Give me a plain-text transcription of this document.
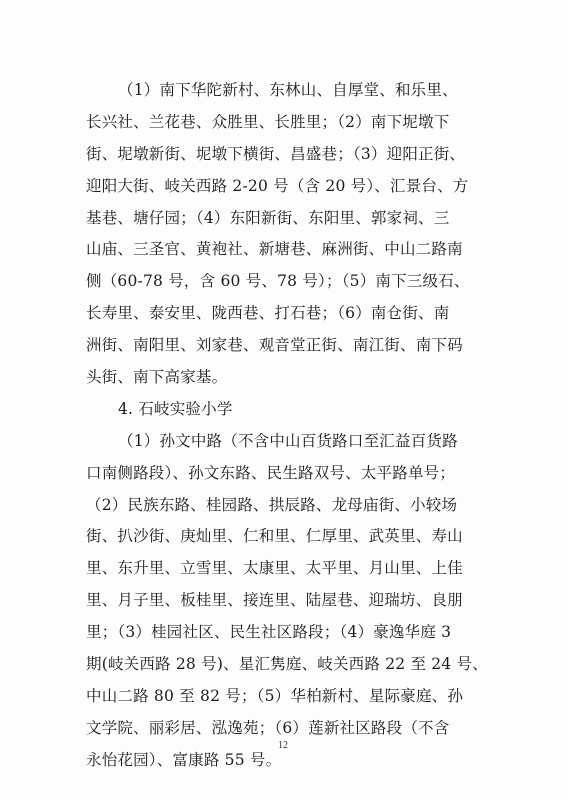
（1）南下华陀新村、东林山、自厚堂、和乐里、
长兴社、兰花巷、众胜里、长胜里；（2）南下坭墩下
街、坭墩新街、坭墩下横街、昌盛巷；（3）迎阳正街、
迎阳大街、岐关西路 2-20 号（含 20 号）、汇景台、方
基巷、塘仔园；（4）东阳新街、东阳里、郭家祠、三
山庙、三圣官、黄袍社、新塘巷、麻洲街、中山二路南
侧（60-78 号，含 60 号、78 号）；（5）南下三级石、
长寿里、泰安里、陇西巷、打石巷；（6）南仓街、南
洲街、南阳里、刘家巷、观音堂正街、南江街、南下码
头街、南下高家基。
4. 石岐实验小学
（1）孙文中路（不含中山百货路口至汇益百货路
口南侧路段）、孙文东路、民生路双号、太平路单号；
（2）民族东路、桂园路、拱辰路、龙母庙街、小较场
街、扒沙街、庚灿里、仁和里、仁厚里、武英里、寿山
里、东升里、立雪里、太康里、太平里、月山里、上佳
里、月子里、板桂里、接连里、陆屋巷、迎瑞坊、良朋
里；（3）桂园社区、民生社区路段；（4）豪逸华庭 3
期(岐关西路 28 号)、星汇隽庭、岐关西路 22 至 24 号、
中山二路 80 至 82 号；（5）华柏新村、星际豪庭、孙
文学院、丽彩居、泓逸苑；（6）莲新社区路段（不含
永怡花园）、富康路 55 号。
12
